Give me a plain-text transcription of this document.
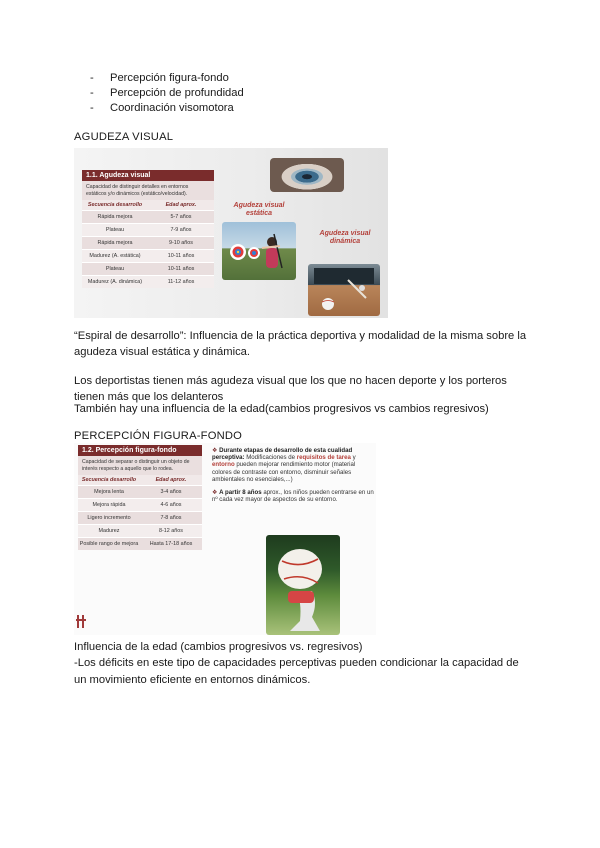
- Percepción figura-fondo
- Percepción de profundidad
- Coordinación visomotora
AGUDEZA VISUAL
1.1. Agudeza visual
Capacidad de distinguir detalles en entornos estáticos y/o dinámicos (estático/velocidad).
Secuencia desarrollo	Edad aprox.
Rápida mejora	5-7 años
Plateau	7-9 años
Rápida mejora	9-10 años
Madurez (A. estática)	10-11 años
Plateau	10-11 años
Madurez (A. dinámica)	11-12 años
Agudeza visual estática
Agudeza visual dinámica
“Espiral de desarrollo”: Influencia de la práctica deportiva y modalidad de la misma sobre la agudeza visual estática y dinámica.
Los deportistas tienen más agudeza visual que los que no hacen deporte y los porteros tienen más que los delanteros
También hay una influencia de la edad(cambios progresivos vs cambios regresivos)
PERCEPCIÓN FIGURA-FONDO
1.2. Percepción figura-fondo
Capacidad de separar o distinguir un objeto de interés respecto a aquello que lo rodea.
Secuencia desarrollo	Edad aprox.
Mejora lenta	3-4 años
Mejora rápida	4-6 años
Ligero incremento	7-8 años
Madurez	8-12 años
Posible rango de mejora	Hasta 17-18 años
❖ Durante etapas de desarrollo de esta cualidad perceptiva: Modificaciones de requisitos de tarea y entorno pueden mejorar rendimiento motor (material colores de contraste con entorno, disminuir señales ambientales no esenciales,...)
❖ A partir 8 años aprox., los niños pueden centrarse en un nº cada vez mayor de aspectos de su entorno.
Influencia de la edad (cambios progresivos vs. regresivos)
-Los déficits en este tipo de capacidades perceptivas pueden condicionar la capacidad de un movimiento eficiente en entornos dinámicos.
